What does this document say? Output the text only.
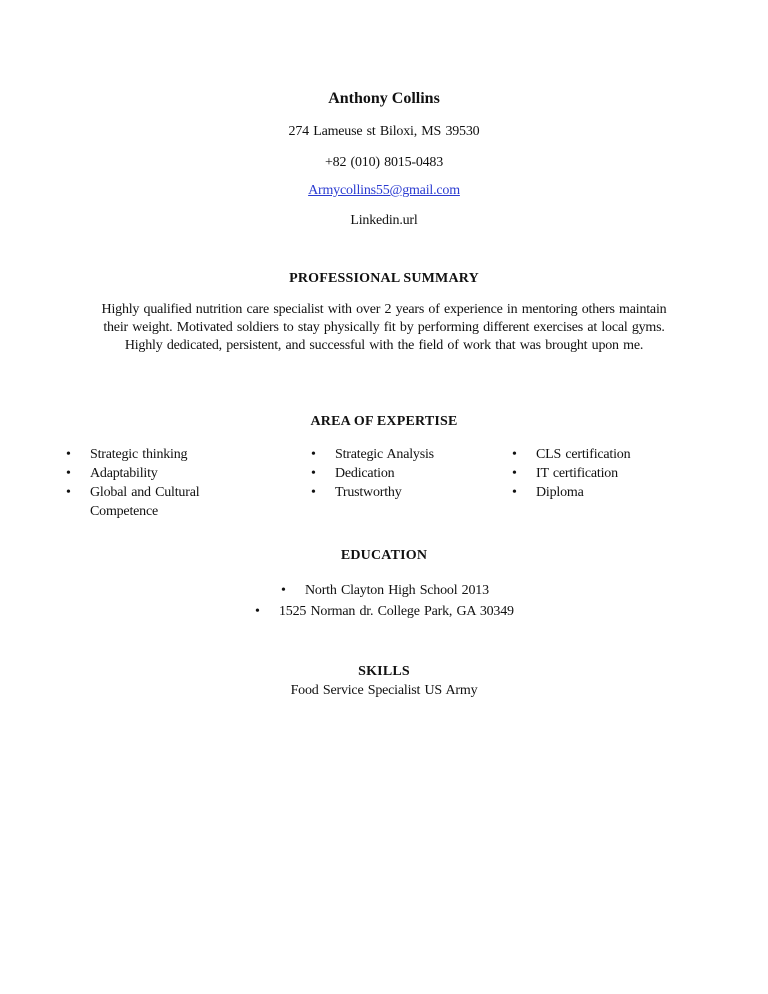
Anthony Collins
274 Lameuse st Biloxi, MS 39530
+82 (010) 8015-0483
Armycollins55@gmail.com
Linkedin.url
PROFESSIONAL SUMMARY
Highly qualified nutrition care specialist with over 2 years of experience in mentoring others maintain their weight. Motivated soldiers to stay physically fit by performing different exercises at local gyms. Highly dedicated, persistent, and successful with the field of work that was brought upon me.
AREA OF EXPERTISE
• Strategic thinking
• Adaptability
• Global and Cultural Competence
• Strategic Analysis
• Dedication
• Trustworthy
• CLS certification
• IT certification
• Diploma
EDUCATION
• North Clayton High School 2013
• 1525 Norman dr. College Park, GA 30349
SKILLS
Food Service Specialist US Army
